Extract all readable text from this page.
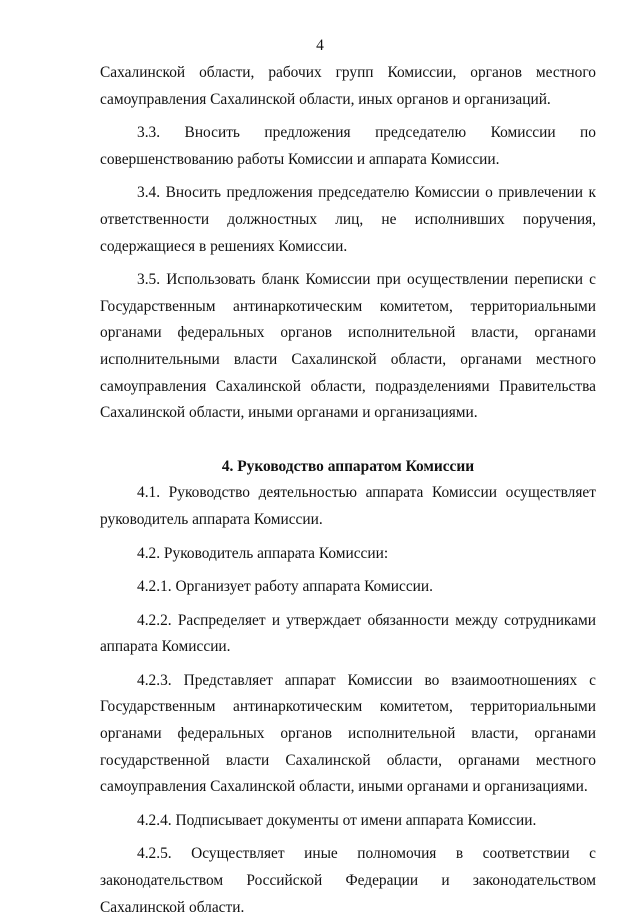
4

Сахалинской области, рабочих групп Комиссии, органов местного самоуправления Сахалинской области, иных органов и организаций.

3.3. Вносить предложения председателю Комиссии по совершенствованию работы Комиссии и аппарата Комиссии.

3.4. Вносить предложения председателю Комиссии о привлечении к ответственности должностных лиц, не исполнивших поручения, содержащиеся в решениях Комиссии.

3.5. Использовать бланк Комиссии при осуществлении переписки с Государственным антинаркотическим комитетом, территориальными органами федеральных органов исполнительной власти, органами исполнительными власти Сахалинской области, органами местного самоуправления Сахалинской области, подразделениями Правительства Сахалинской области, иными органами и организациями.

4. Руководство аппаратом Комиссии

4.1. Руководство деятельностью аппарата Комиссии осуществляет руководитель аппарата Комиссии.

4.2. Руководитель аппарата Комиссии:

4.2.1. Организует работу аппарата Комиссии.

4.2.2. Распределяет и утверждает обязанности между сотрудниками аппарата Комиссии.

4.2.3. Представляет аппарат Комиссии во взаимоотношениях с Государственным антинаркотическим комитетом, территориальными органами федеральных органов исполнительной власти, органами государственной власти Сахалинской области, органами местного самоуправления Сахалинской области, иными органами и организациями.

4.2.4. Подписывает документы от имени аппарата Комиссии.

4.2.5. Осуществляет иные полномочия в соответствии с законодательством Российской Федерации и законодательством Сахалинской области.
